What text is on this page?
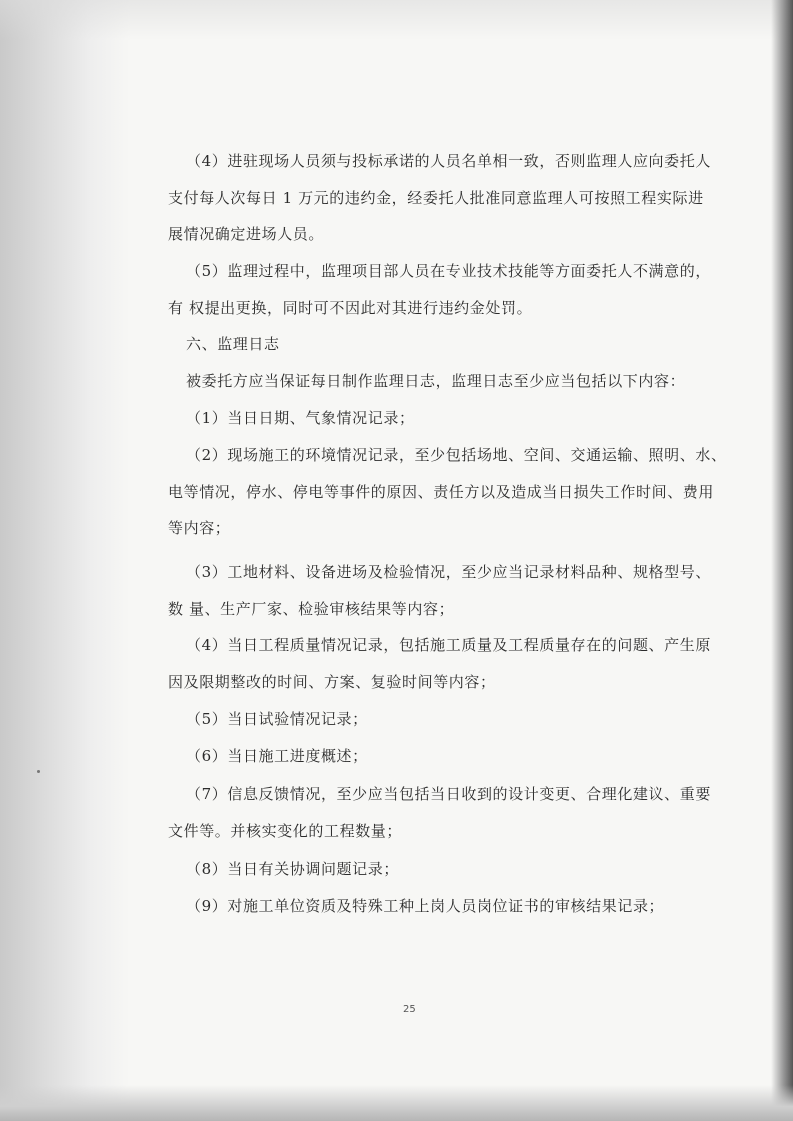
（4）进驻现场人员须与投标承诺的人员名单相一致，否则监理人应向委托人
支付每人次每日 1 万元的违约金，经委托人批准同意监理人可按照工程实际进
展情况确定进场人员。

（5）监理过程中，监理项目部人员在专业技术技能等方面委托人不满意的，
有 权提出更换，同时可不因此对其进行违约金处罚。

六、监理日志

被委托方应当保证每日制作监理日志，监理日志至少应当包括以下内容：

（1）当日日期、气象情况记录；

（2）现场施工的环境情况记录，至少包括场地、空间、交通运输、照明、水、
电等情况，停水、停电等事件的原因、责任方以及造成当日损失工作时间、费用
等内容；

（3）工地材料、设备进场及检验情况，至少应当记录材料品种、规格型号、
数 量、生产厂家、检验审核结果等内容；

（4）当日工程质量情况记录，包括施工质量及工程质量存在的问题、产生原
因及限期整改的时间、方案、复验时间等内容；

（5）当日试验情况记录；

（6）当日施工进度概述；

（7）信息反馈情况，至少应当包括当日收到的设计变更、合理化建议、重要
文件等。并核实变化的工程数量；

（8）当日有关协调问题记录；

（9）对施工单位资质及特殊工种上岗人员岗位证书的审核结果记录；

25
